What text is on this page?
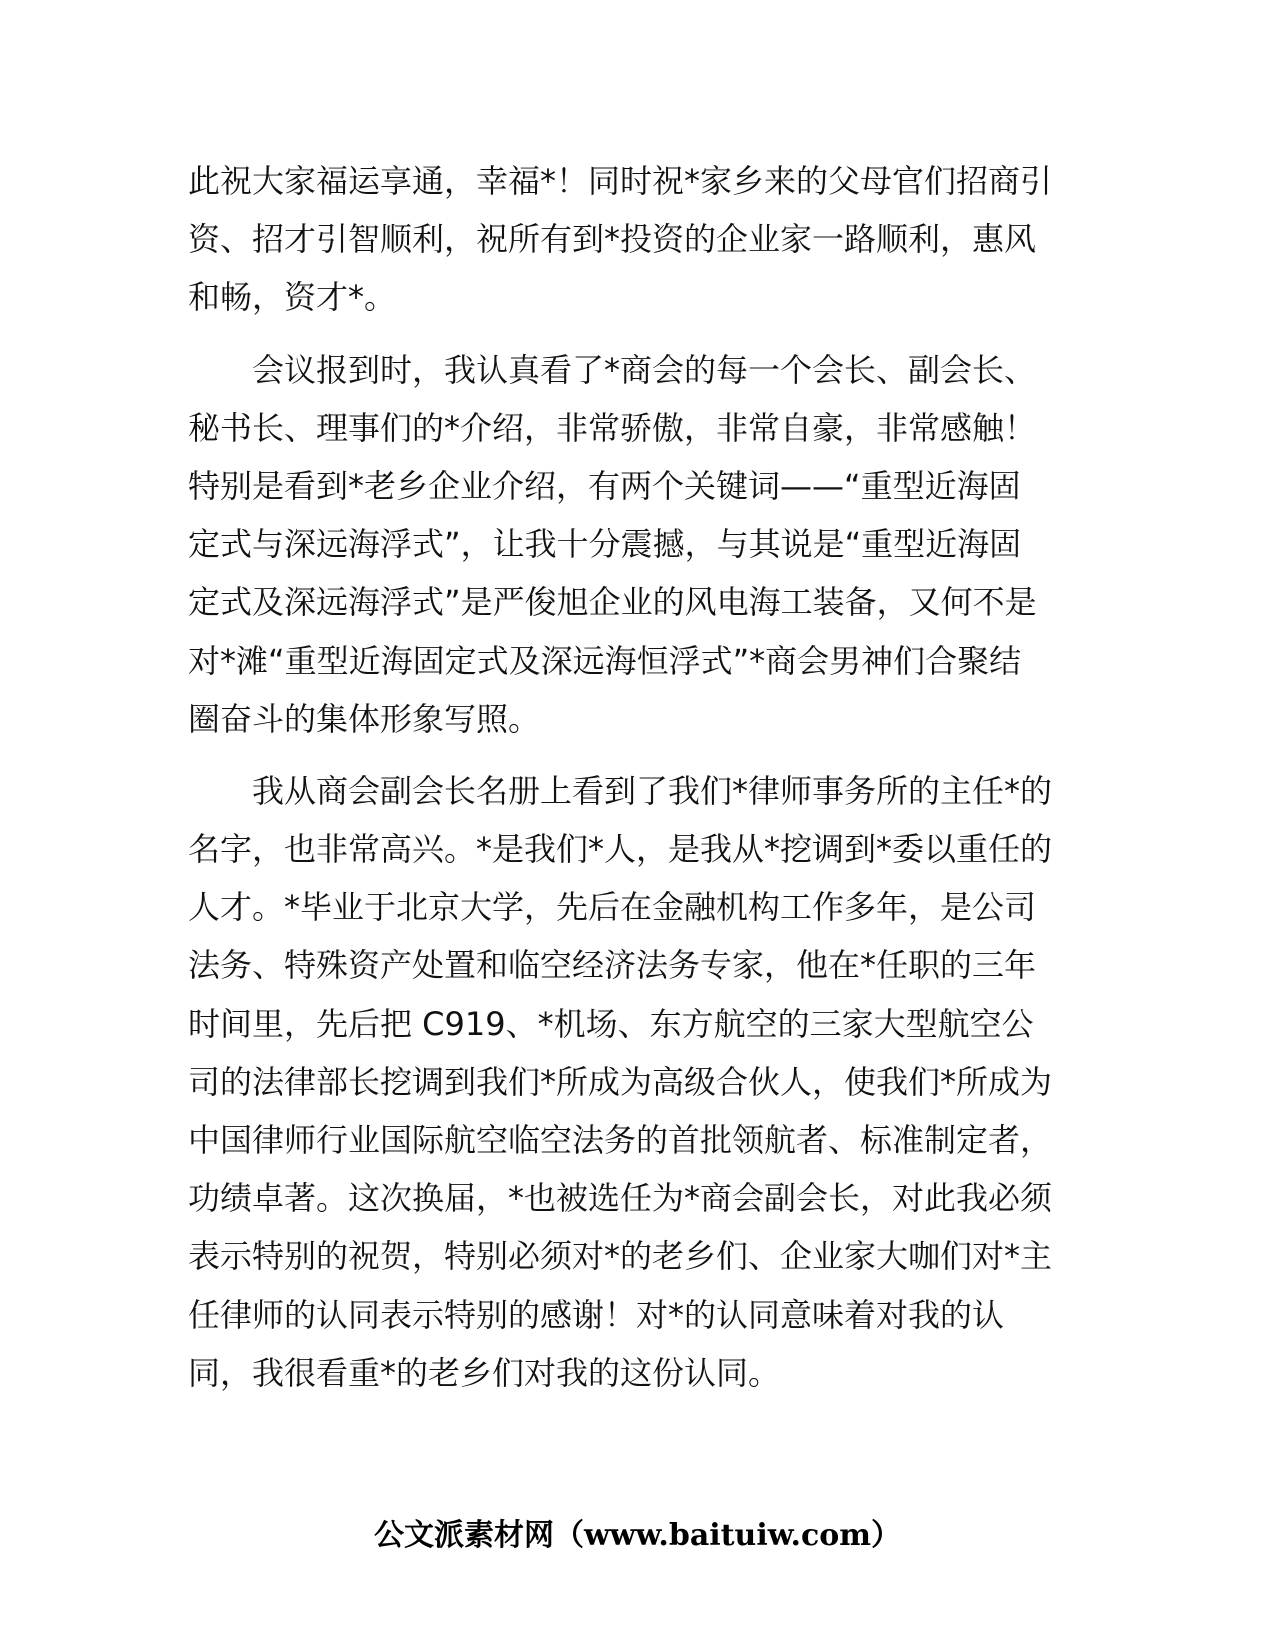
此祝大家福运享通，幸福*！同时祝*家乡来的父母官们招商引
资、招才引智顺利，祝所有到*投资的企业家一路顺利，惠风
和畅，资才*。
会议报到时，我认真看了*商会的每一个会长、副会长、
秘书长、理事们的*介绍，非常骄傲，非常自豪，非常感触！
特别是看到*老乡企业介绍，有两个关键词——“重型近海固
定式与深远海浮式”，让我十分震撼，与其说是“重型近海固
定式及深远海浮式”是严俊旭企业的风电海工装备，又何不是
对*滩“重型近海固定式及深远海恒浮式”*商会男神们合聚结
圈奋斗的集体形象写照。
我从商会副会长名册上看到了我们*律师事务所的主任*的
名字，也非常高兴。*是我们*人，是我从*挖调到*委以重任的
人才。*毕业于北京大学，先后在金融机构工作多年，是公司
法务、特殊资产处置和临空经济法务专家，他在*任职的三年
时间里，先后把 C919、*机场、东方航空的三家大型航空公
司的法律部长挖调到我们*所成为高级合伙人，使我们*所成为
中国律师行业国际航空临空法务的首批领航者、标准制定者，
功绩卓著。这次换届，*也被选任为*商会副会长，对此我必须
表示特别的祝贺，特别必须对*的老乡们、企业家大咖们对*主
任律师的认同表示特别的感谢！对*的认同意味着对我的认
同，我很看重*的老乡们对我的这份认同。
公文派素材网（www.baituiw.com）
